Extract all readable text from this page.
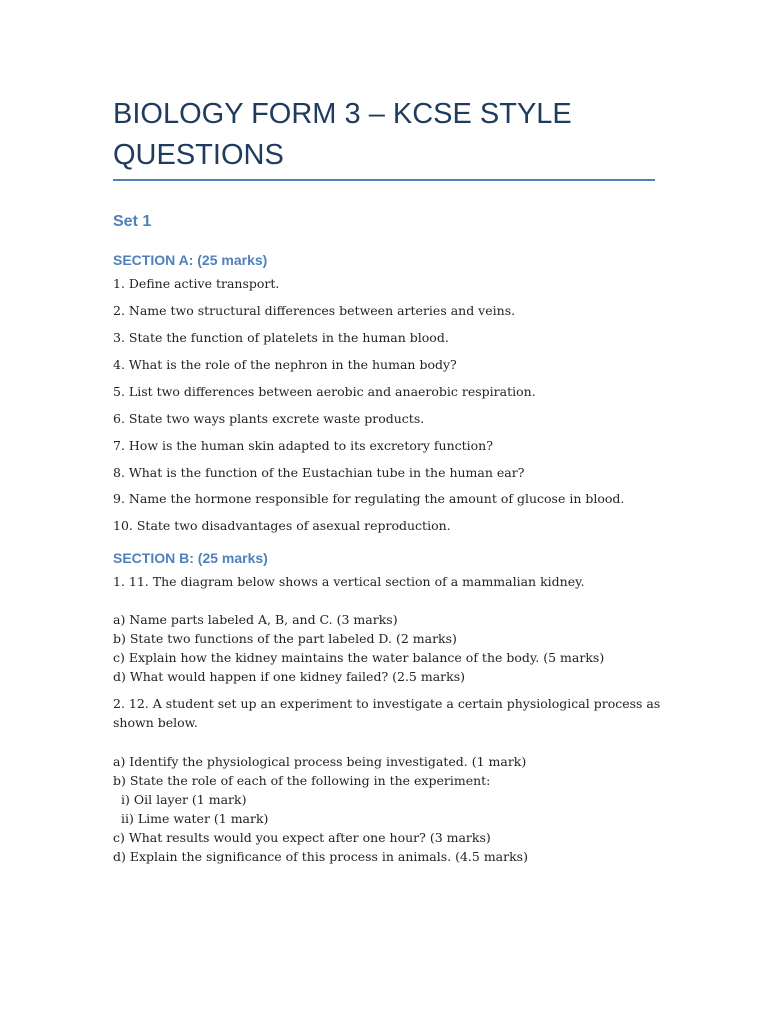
BIOLOGY FORM 3 – KCSE STYLE QUESTIONS
Set 1
SECTION A: (25 marks)

1. Define active transport.

2. Name two structural differences between arteries and veins.

3. State the function of platelets in the human blood.

4. What is the role of the nephron in the human body?

5. List two differences between aerobic and anaerobic respiration.

6. State two ways plants excrete waste products.

7. How is the human skin adapted to its excretory function?

8. What is the function of the Eustachian tube in the human ear?

9. Name the hormone responsible for regulating the amount of glucose in blood.

10. State two disadvantages of asexual reproduction.

SECTION B: (25 marks)

1. 11. The diagram below shows a vertical section of a mammalian kidney.

a) Name parts labeled A, B, and C. (3 marks)

b) State two functions of the part labeled D. (2 marks)

c) Explain how the kidney maintains the water balance of the body. (5 marks)

d) What would happen if one kidney failed? (2.5 marks)

2. 12. A student set up an experiment to investigate a certain physiological process as

shown below.

a) Identify the physiological process being investigated. (1 mark)

b) State the role of each of the following in the experiment:

i) Oil layer (1 mark)

ii) Lime water (1 mark)

c) What results would you expect after one hour? (3 marks)

d) Explain the significance of this process in animals. (4.5 marks)
